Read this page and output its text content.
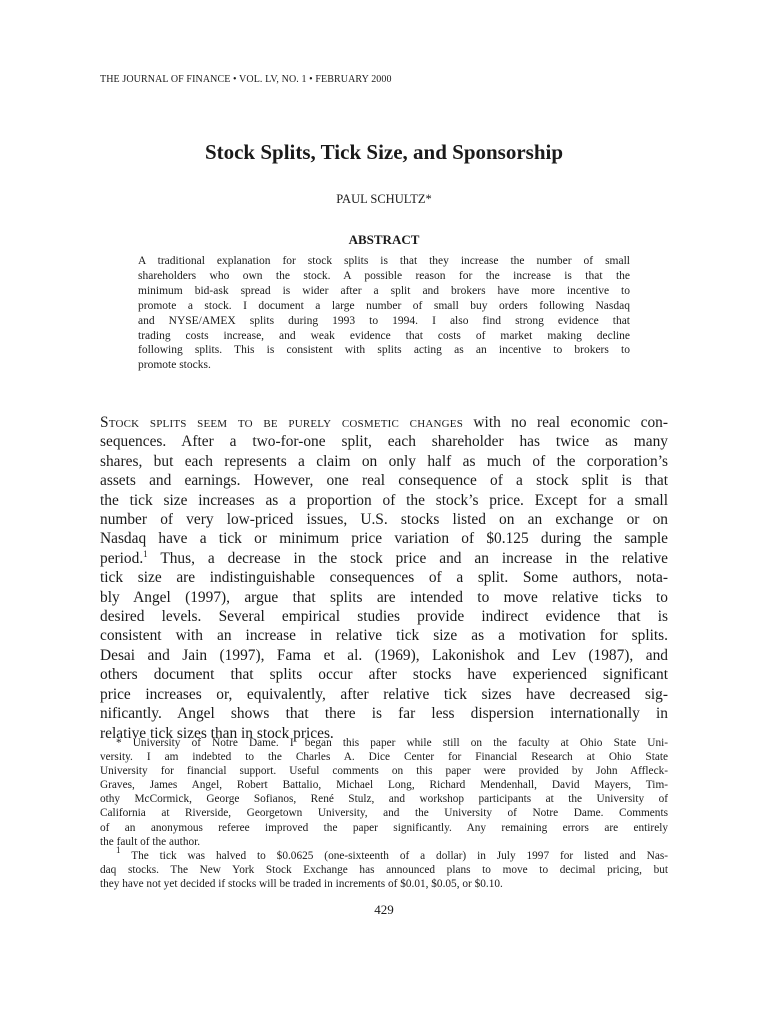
THE JOURNAL OF FINANCE • VOL. LV, NO. 1 • FEBRUARY 2000
Stock Splits, Tick Size, and Sponsorship
PAUL SCHULTZ*
ABSTRACT
A traditional explanation for stock splits is that they increase the number of small
shareholders who own the stock. A possible reason for the increase is that the
minimum bid-ask spread is wider after a split and brokers have more incentive to
promote a stock. I document a large number of small buy orders following Nasdaq
and NYSE/AMEX splits during 1993 to 1994. I also find strong evidence that
trading costs increase, and weak evidence that costs of market making decline
following splits. This is consistent with splits acting as an incentive to brokers to
promote stocks.
Stock splits seem to be purely cosmetic changes with no real economic con-
sequences. After a two-for-one split, each shareholder has twice as many
shares, but each represents a claim on only half as much of the corporation’s
assets and earnings. However, one real consequence of a stock split is that
the tick size increases as a proportion of the stock’s price. Except for a small
number of very low-priced issues, U.S. stocks listed on an exchange or on
Nasdaq have a tick or minimum price variation of $0.125 during the sample
period.$^1$ Thus, a decrease in the stock price and an increase in the relative
tick size are indistinguishable consequences of a split. Some authors, nota-
bly Angel (1997), argue that splits are intended to move relative ticks to
desired levels. Several empirical studies provide indirect evidence that is
consistent with an increase in relative tick size as a motivation for splits.
Desai and Jain (1997), Fama et al. (1969), Lakonishok and Lev (1987), and
others document that splits occur after stocks have experienced significant
price increases or, equivalently, after relative tick sizes have decreased sig-
nificantly. Angel shows that there is far less dispersion internationally in
relative tick sizes than in stock prices.
* University of Notre Dame. I began this paper while still on the faculty at Ohio State Uni-
versity. I am indebted to the Charles A. Dice Center for Financial Research at Ohio State
University for financial support. Useful comments on this paper were provided by John Affleck-
Graves, James Angel, Robert Battalio, Michael Long, Richard Mendenhall, David Mayers, Tim-
othy McCormick, George Sofianos, René Stulz, and workshop participants at the University of
California at Riverside, Georgetown University, and the University of Notre Dame. Comments
of an anonymous referee improved the paper significantly. Any remaining errors are entirely
the fault of the author.
$^1$ The tick was halved to $0.0625 (one-sixteenth of a dollar) in July 1997 for listed and Nas-
daq stocks. The New York Stock Exchange has announced plans to move to decimal pricing, but
they have not yet decided if stocks will be traded in increments of $0.01, $0.05, or $0.10.
429
